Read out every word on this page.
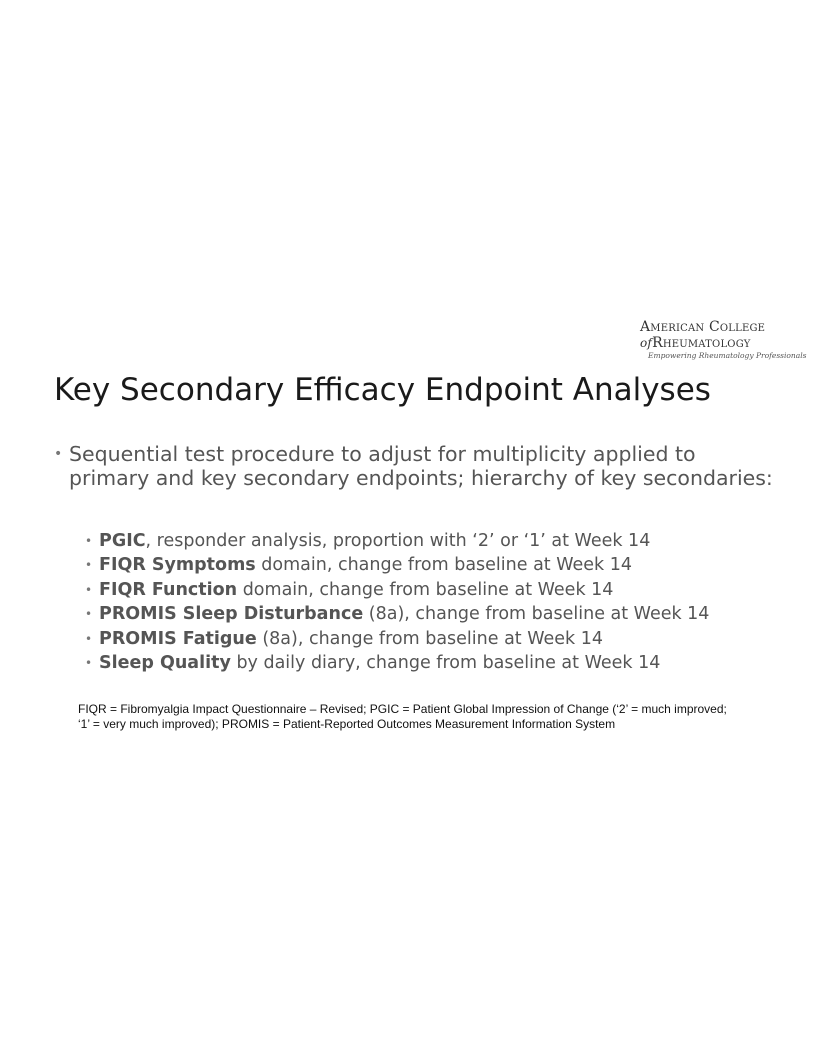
American College
ofRheumatology
Empowering Rheumatology Professionals
Key Secondary Efficacy Endpoint Analyses
• Sequential test procedure to adjust for multiplicity applied to primary and key secondary endpoints; hierarchy of key secondaries:
• PGIC, responder analysis, proportion with ‘2’ or ‘1’ at Week 14
• FIQR Symptoms domain, change from baseline at Week 14
• FIQR Function domain, change from baseline at Week 14
• PROMIS Sleep Disturbance (8a), change from baseline at Week 14
• PROMIS Fatigue (8a), change from baseline at Week 14
• Sleep Quality by daily diary, change from baseline at Week 14

FIQR = Fibromyalgia Impact Questionnaire – Revised; PGIC = Patient Global Impression of Change (‘2’ = much improved; ‘1’ = very much improved); PROMIS = Patient-Reported Outcomes Measurement Information System
